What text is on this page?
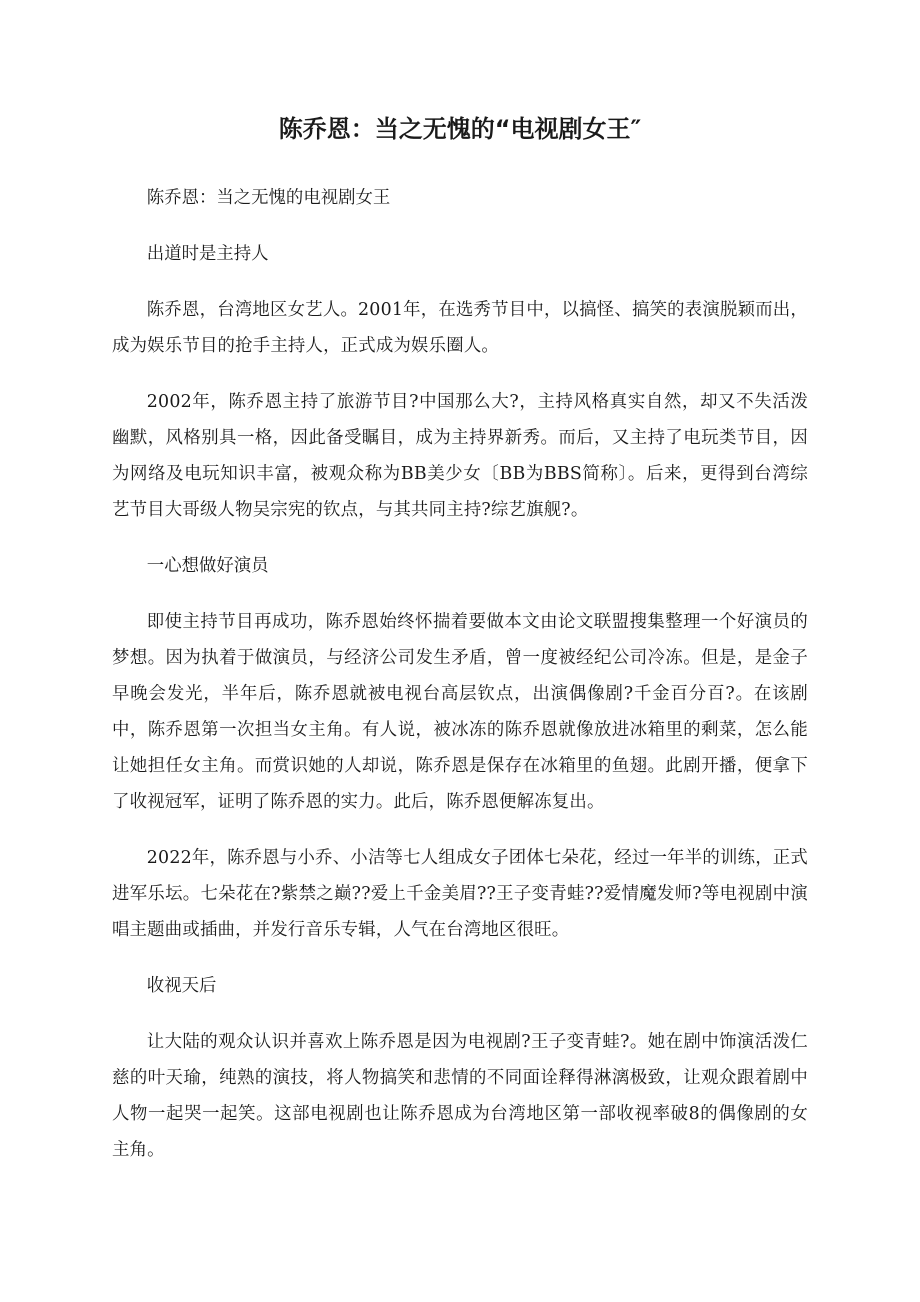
陈乔恩：当之无愧的“电视剧女王″

陈乔恩：当之无愧的电视剧女王

出道时是主持人

陈乔恩，台湾地区女艺人。2001年，在选秀节目中，以搞怪、搞笑的表演脱颖而出，成为娱乐节目的抢手主持人，正式成为娱乐圈人。

2002年，陈乔恩主持了旅游节目?中国那么大?，主持风格真实自然，却又不失活泼幽默，风格别具一格，因此备受瞩目，成为主持界新秀。而后，又主持了电玩类节目，因为网络及电玩知识丰富，被观众称为BB美少女〔BB为BBS简称〕。后来，更得到台湾综艺节目大哥级人物吴宗宪的钦点，与其共同主持?综艺旗舰?。

一心想做好演员

即使主持节目再成功，陈乔恩始终怀揣着要做本文由论文联盟搜集整理一个好演员的梦想。因为执着于做演员，与经济公司发生矛盾，曾一度被经纪公司冷冻。但是，是金子早晚会发光，半年后，陈乔恩就被电视台高层钦点，出演偶像剧?千金百分百?。在该剧中，陈乔恩第一次担当女主角。有人说，被冰冻的陈乔恩就像放进冰箱里的剩菜，怎么能让她担任女主角。而赏识她的人却说，陈乔恩是保存在冰箱里的鱼翅。此剧开播，便拿下了收视冠军，证明了陈乔恩的实力。此后，陈乔恩便解冻复出。

2022年，陈乔恩与小乔、小洁等七人组成女子团体七朵花，经过一年半的训练，正式进军乐坛。七朵花在?紫禁之巅??爱上千金美眉??王子变青蛙??爱情魔发师?等电视剧中演唱主题曲或插曲，并发行音乐专辑，人气在台湾地区很旺。

收视天后

让大陆的观众认识并喜欢上陈乔恩是因为电视剧?王子变青蛙?。她在剧中饰演活泼仁慈的叶天瑜，纯熟的演技，将人物搞笑和悲情的不同面诠释得淋漓极致，让观众跟着剧中人物一起哭一起笑。这部电视剧也让陈乔恩成为台湾地区第一部收视率破8的偶像剧的女主角。
